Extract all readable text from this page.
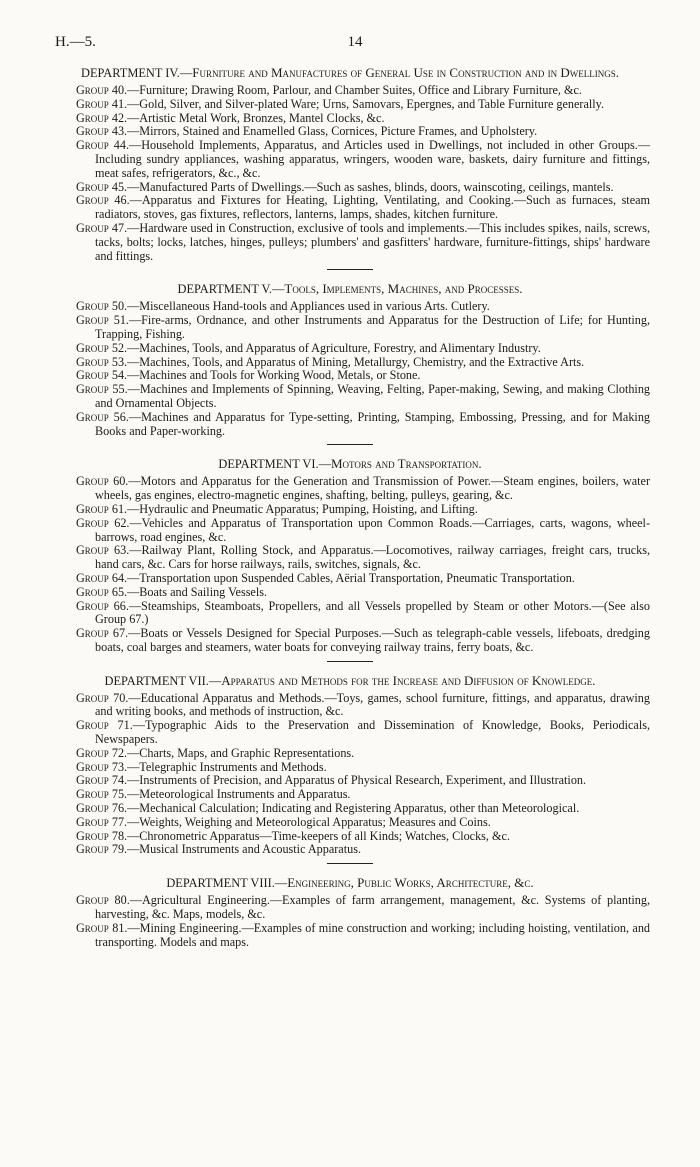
H.—5.	14
DEPARTMENT IV.—Furniture and Manufactures of General Use in Construction and in Dwellings.
Group 40.—Furniture; Drawing Room, Parlour, and Chamber Suites, Office and Library Furniture, &c.
Group 41.—Gold, Silver, and Silver-plated Ware; Urns, Samovars, Epergnes, and Table Furniture generally.
Group 42.—Artistic Metal Work, Bronzes, Mantel Clocks, &c.
Group 43.—Mirrors, Stained and Enamelled Glass, Cornices, Picture Frames, and Upholstery.
Group 44.—Household Implements, Apparatus, and Articles used in Dwellings, not included in other Groups.—Including sundry appliances, washing apparatus, wringers, wooden ware, baskets, dairy furniture and fittings, meat safes, refrigerators, &c., &c.
Group 45.—Manufactured Parts of Dwellings.—Such as sashes, blinds, doors, wainscoting, ceilings, mantels.
Group 46.—Apparatus and Fixtures for Heating, Lighting, Ventilating, and Cooking.—Such as furnaces, steam radiators, stoves, gas fixtures, reflectors, lanterns, lamps, shades, kitchen furniture.
Group 47.—Hardware used in Construction, exclusive of tools and implements.—This includes spikes, nails, screws, tacks, bolts; locks, latches, hinges, pulleys; plumbers' and gasfitters' hardware, furniture-fittings, ships' hardware and fittings.
DEPARTMENT V.—Tools, Implements, Machines, and Processes.
Group 50.—Miscellaneous Hand-tools and Appliances used in various Arts. Cutlery.
Group 51.—Fire-arms, Ordnance, and other Instruments and Apparatus for the Destruction of Life; for Hunting, Trapping, Fishing.
Group 52.—Machines, Tools, and Apparatus of Agriculture, Forestry, and Alimentary Industry.
Group 53.—Machines, Tools, and Apparatus of Mining, Metallurgy, Chemistry, and the Extractive Arts.
Group 54.—Machines and Tools for Working Wood, Metals, or Stone.
Group 55.—Machines and Implements of Spinning, Weaving, Felting, Paper-making, Sewing, and making Clothing and Ornamental Objects.
Group 56.—Machines and Apparatus for Type-setting, Printing, Stamping, Embossing, Pressing, and for Making Books and Paper-working.
DEPARTMENT VI.—Motors and Transportation.
Group 60.—Motors and Apparatus for the Generation and Transmission of Power.—Steam engines, boilers, water wheels, gas engines, electro-magnetic engines, shafting, belting, pulleys, gearing, &c.
Group 61.—Hydraulic and Pneumatic Apparatus; Pumping, Hoisting, and Lifting.
Group 62.—Vehicles and Apparatus of Transportation upon Common Roads.—Carriages, carts, wagons, wheel-barrows, road engines, &c.
Group 63.—Railway Plant, Rolling Stock, and Apparatus.—Locomotives, railway carriages, freight cars, trucks, hand cars, &c. Cars for horse railways, rails, switches, signals, &c.
Group 64.—Transportation upon Suspended Cables, Aërial Transportation, Pneumatic Transportation.
Group 65.—Boats and Sailing Vessels.
Group 66.—Steamships, Steamboats, Propellers, and all Vessels propelled by Steam or other Motors.—(See also Group 67.)
Group 67.—Boats or Vessels Designed for Special Purposes.—Such as telegraph-cable vessels, lifeboats, dredging boats, coal barges and steamers, water boats for conveying railway trains, ferry boats, &c.
DEPARTMENT VII.—Apparatus and Methods for the Increase and Diffusion of Knowledge.
Group 70.—Educational Apparatus and Methods.—Toys, games, school furniture, fittings, and apparatus, drawing and writing books, and methods of instruction, &c.
Group 71.—Typographic Aids to the Preservation and Dissemination of Knowledge, Books, Periodicals, Newspapers.
Group 72.—Charts, Maps, and Graphic Representations.
Group 73.—Telegraphic Instruments and Methods.
Group 74.—Instruments of Precision, and Apparatus of Physical Research, Experiment, and Illustration.
Group 75.—Meteorological Instruments and Apparatus.
Group 76.—Mechanical Calculation; Indicating and Registering Apparatus, other than Meteorological.
Group 77.—Weights, Weighing and Meteorological Apparatus; Measures and Coins.
Group 78.—Chronometric Apparatus—Time-keepers of all Kinds; Watches, Clocks, &c.
Group 79.—Musical Instruments and Acoustic Apparatus.
DEPARTMENT VIII.—Engineering, Public Works, Architecture, &c.
Group 80.—Agricultural Engineering.—Examples of farm arrangement, management, &c. Systems of planting, harvesting, &c. Maps, models, &c.
Group 81.—Mining Engineering.—Examples of mine construction and working; including hoisting, ventilation, and transporting. Models and maps.
